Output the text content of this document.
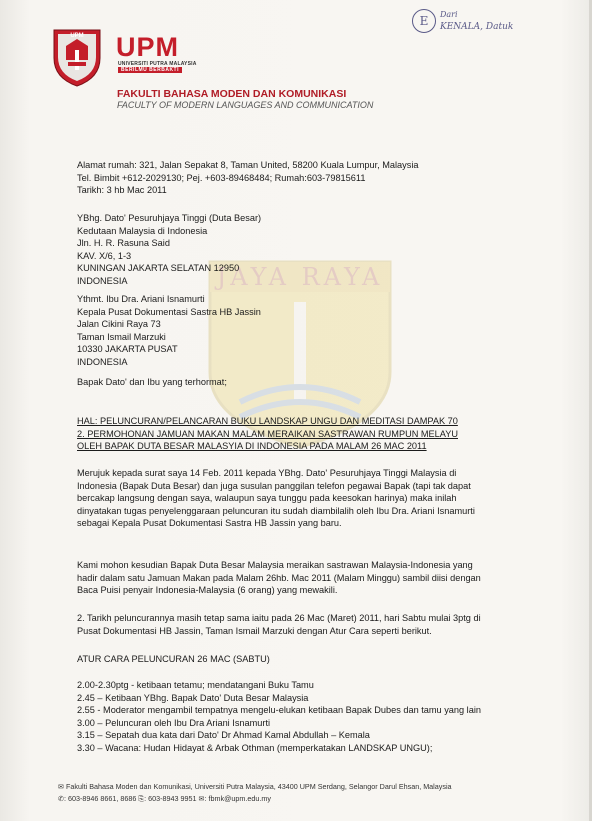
UPM UPM
UNIVERSITI PUTRA MALAYSIA
BERILMU BERBAKTI
FAKULTI BAHASA MODEN DAN KOMUNIKASI
FACULTY OF MODERN LANGUAGES AND COMMUNICATION
E	Dari
KENALA, Datuk
JAYA RAYA

Alamat rumah: 321, Jalan Sepakat 8, Taman United, 58200 Kuala Lumpur, Malaysia

Tel. Bimbit +612-2029130; Pej. +603-89468484; Rumah:603-79815611

Tarikh: 3 hb Mac 2011

YBhg. Dato' Pesuruhjaya Tinggi (Duta Besar)

Kedutaan Malaysia di Indonesia

Jln. H. R. Rasuna Said

KAV. X/6, 1-3

KUNINGAN JAKARTA SELATAN 12950

INDONESIA

Ythmt. Ibu Dra. Ariani Isnamurti

Kepala Pusat Dokumentasi Sastra HB Jassin

Jalan Cikini Raya 73

Taman Ismail Marzuki

10330 JAKARTA PUSAT

INDONESIA

Bapak Dato' dan Ibu yang terhormat;

HAL: PELUNCURAN/PELANCARAN BUKU LANDSKAP UNGU DAN MEDITASI DAMPAK 70

2. PERMOHONAN JAMUAN MAKAN MALAM MERAIKAN SASTRAWAN RUMPUN MELAYU

OLEH BAPAK DUTA BESAR MALASYIA DI INDONESIA PADA MALAM 26 MAC 2011

Merujuk kepada surat saya 14 Feb. 2011 kepada YBhg. Dato' Pesuruhjaya Tinggi Malaysia di

Indonesia (Bapak Duta Besar) dan juga susulan panggilan telefon pegawai Bapak (tapi tak dapat

bercakap langsung dengan saya, walaupun saya tunggu pada keesokan harinya) maka inilah

dinyatakan tugas penyelenggaraan peluncuran itu sudah diambilalih oleh Ibu Dra. Ariani Isnamurti

sebagai Kepala Pusat Dokumentasi Sastra HB Jassin yang baru.

Kami mohon kesudian Bapak Duta Besar Malaysia meraikan sastrawan Malaysia-Indonesia yang

hadir dalam satu Jamuan Makan pada Malam 26hb. Mac 2011 (Malam Minggu) sambil diisi dengan

Baca Puisi penyair Indonesia-Malaysia (6 orang) yang mewakili.

2. Tarikh peluncurannya masih tetap sama iaitu pada 26 Mac (Maret) 2011, hari Sabtu mulai 3ptg di

Pusat Dokumentasi HB Jassin, Taman Ismail Marzuki dengan Atur Cara seperti berikut.

ATUR CARA PELUNCURAN 26 MAC (SABTU)

2.00-2.30ptg - ketibaan tetamu; mendatangani Buku Tamu

2.45 – Ketibaan YBhg. Bapak Dato' Duta Besar Malaysia

2.55 - Moderator mengambil tempatnya mengelu-elukan ketibaan Bapak Dubes dan tamu yang lain

3.00 – Peluncuran oleh Ibu Dra Ariani Isnamurti

3.15 – Sepatah dua kata dari Dato' Dr Ahmad Kamal Abdullah – Kemala

3.30 – Wacana: Hudan Hidayat & Arbak Othman (memperkatakan LANDSKAP UNGU);

✉ Fakulti Bahasa Moden dan Komunikasi, Universiti Putra Malaysia, 43400 UPM Serdang, Selangor Darul Ehsan, Malaysia
✆: 603-8946 8661, 8686 ⎘: 603-8943 9951 ✉: fbmk@upm.edu.my
